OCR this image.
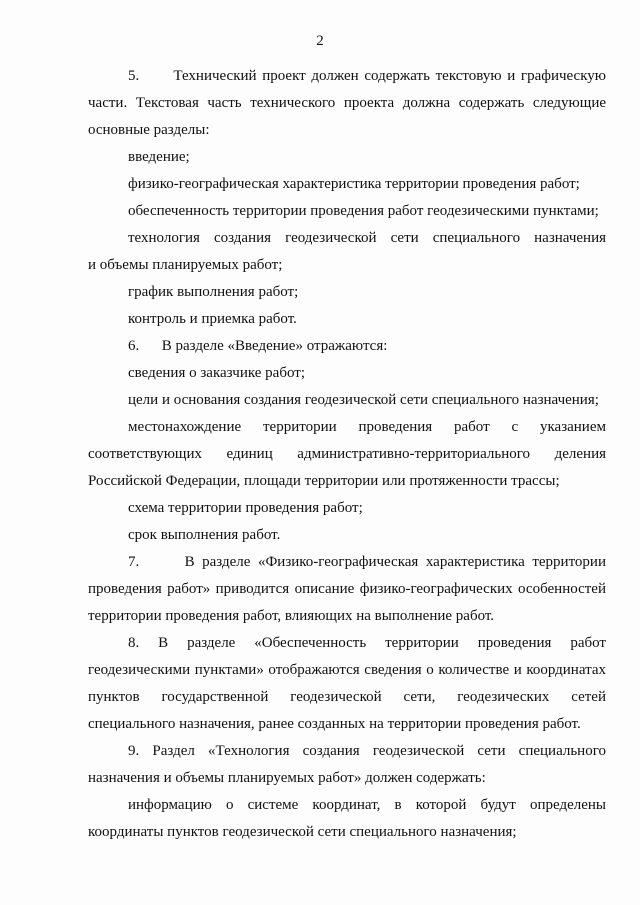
2
5.      Технический проект должен содержать текстовую и графическую
части. Текстовая часть технического проекта должна содержать следующие
основные разделы:
введение;
физико-географическая характеристика территории проведения работ;
обеспеченность территории проведения работ геодезическими пунктами;
технология создания геодезической сети специального назначения
и объемы планируемых работ;
график выполнения работ;
контроль и приемка работ.
6.      В разделе «Введение» отражаются:
сведения о заказчике работ;
цели и основания создания геодезической сети специального назначения;
местонахождение территории проведения работ с указанием
соответствующих единиц административно-территориального деления
Российской Федерации, площади территории или протяженности трассы;
схема территории проведения работ;
срок выполнения работ.
7.      В разделе «Физико-географическая характеристика территории
проведения работ» приводится описание физико-географических особенностей
территории проведения работ, влияющих на выполнение работ.
8. В разделе «Обеспеченность территории проведения работ
геодезическими пунктами» отображаются сведения о количестве и координатах
пунктов государственной геодезической сети, геодезических сетей
специального назначения, ранее созданных на территории проведения работ.
9. Раздел «Технология создания геодезической сети специального
назначения и объемы планируемых работ» должен содержать:
информацию о системе координат, в которой будут определены
координаты пунктов геодезической сети специального назначения;
